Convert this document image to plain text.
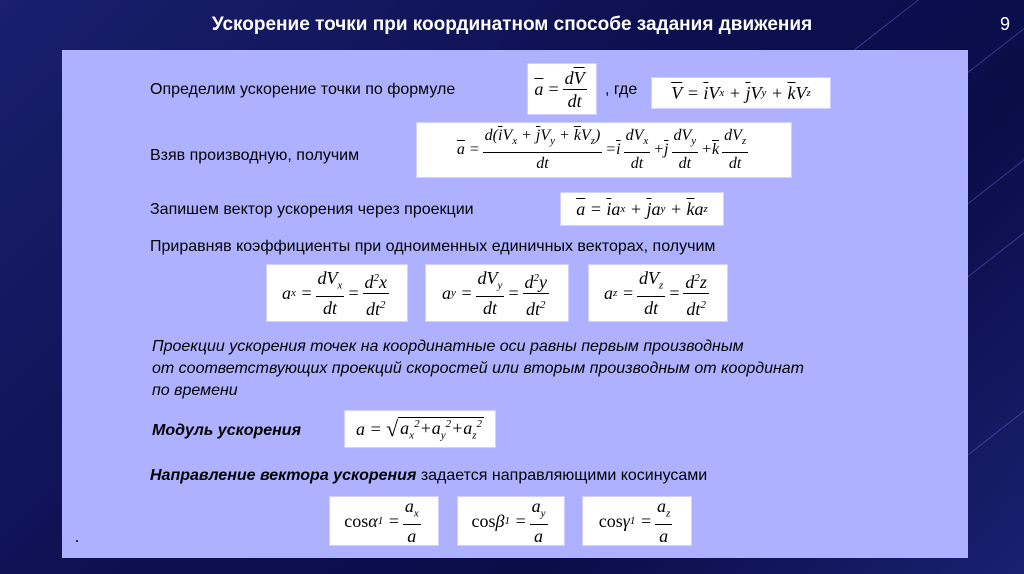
Ускорение точки при координатном способе задания движения	9
Определим ускорение точки по формуле	$\overline{a} = \frac{d\overline{V}}{dt}$ , где $\overline{V} = \overline{i}$ V $x + \overline{j}$ V $y + \overline{k}$ V z
Взяв производную, получим	$\overline{a} = \frac{d(\overline{i}V_x + \overline{j}V_y + \overline{k}V_z)}{dt} = \overline{i} \frac{dV_x}{dt} + \overline{j} \frac{dV_y}{dt} + \overline{k} \frac{dV_z}{dt}$
Запишем вектор ускорения через проекции	$\overline{a} = \overline{i}$ a $x + \overline{j}$ a $y + \overline{k}$ a z
Приравняв коэффициенты при одноименных единичных векторах, получим
a $x = \frac{dV_x}{dt} = \frac{d^2x}{dt^2}$	a $y = \frac{dV_y}{dt} = \frac{d^2y}{dt^2}$	a $z = \frac{dV_z}{dt} = \frac{d^2z}{dt^2}$
Проекции ускорения точек на координатные оси равны первым производным
от соответствующих проекций скоростей или вторым производным от координат
по времени
Модуль ускорения	a = √ $a_x^2+a_y^2+a_z^2$
Направление вектора ускорения задается направляющими косинусами
cos α $1 = \frac{a_x}{a}$	cos β $1 = \frac{a_y}{a}$	cos γ $1 = \frac{a_z}{a}$
